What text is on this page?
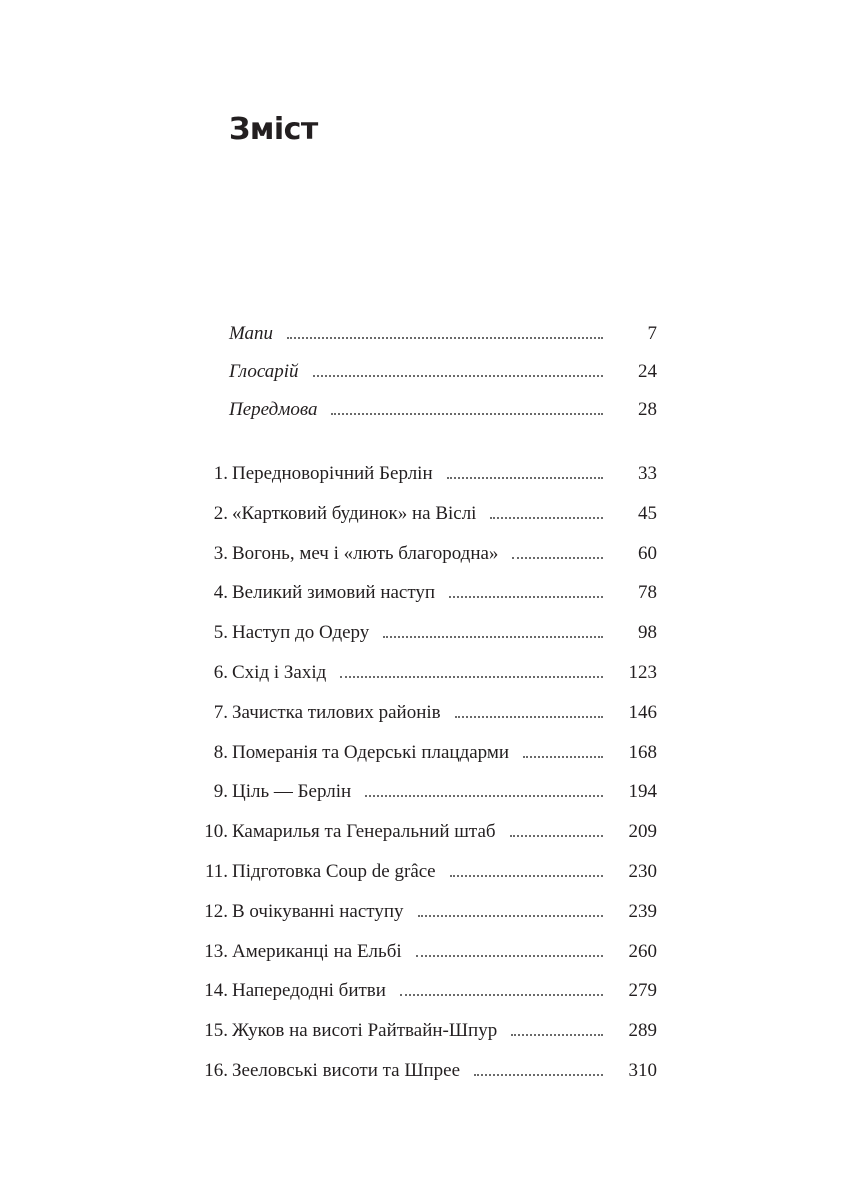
Зміст
Мапи	7
Глосарій	24
Передмова	28
1. Передноворічний Берлін	33
2. «Картковий будинок» на Віслі	45
3. Вогонь, меч і «лють благородна»	60
4. Великий зимовий наступ	78
5. Наступ до Одеру	98
6. Схід і Захід	123
7. Зачистка тилових районів	146
8. Померанія та Одерські плацдарми	168
9. Ціль — Берлін	194
10. Камарилья та Генеральний штаб	209
11. Підготовка Coup de grâce	230
12. В очікуванні наступу	239
13. Американці на Ельбі	260
14. Напередодні битви	279
15. Жуков на висоті Райтвайн-Шпур	289
16. Зееловські висоти та Шпрее	310
